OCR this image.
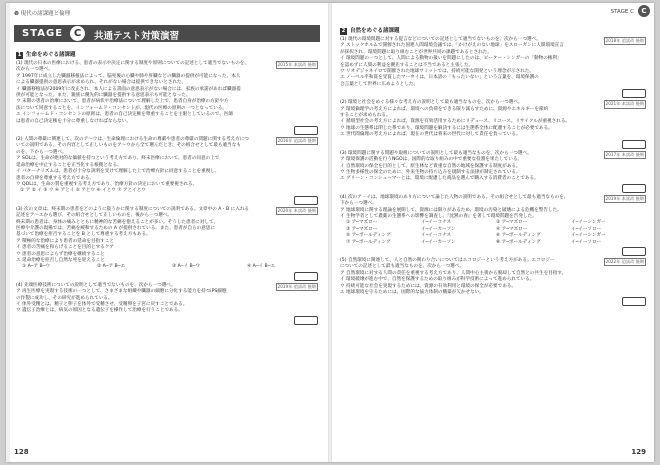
❾ 現代の諸課題と倫理
STAGE	C	共通テスト対策演習
1 生命をめぐる諸課題
2015年 本試改 後期

(1) 現代の日本の医療における、患者の表示や決定に関する制度や原則についての記述として適当でないものを、

次から一つ選べ。

ア 1997年に成立した臓器移植法によって、脳死後の心臓や肺や肝臓などの臓器の提供が可能になった。本人

による臓器提供の意思表示が求められ、それがない場合は提供できないとされた。

イ 臓器移植法が2009年に改正され、本人による書面の意思表示がない場合には、家族の承諾があれば臓器提

供が可能となった。また、親族に優先的に臓器を提供する意思表示も可能となった。

ウ 末期の患者の治療において、患者が病状や治療法について理解した上で、患者自身が治療の方針や方

法について同意することを、インフォームド・コンセントが、現代の医療の原則の一つとなっている。

エ インフォームド・コンセントの原則は、患者の自己決定権を尊重することを主眼としているので、医師

は患者の自己決定権を十分に尊重しなければならない。

2016年 追試改 後期

(2) 人間の尊厳に関連して、次のア〜ウは、生命倫理における生命の尊厳や患者の尊厳の問題に関する考え方につ

いての説明である。その内容として正しいものをア〜ウから全て選んだとき、その組合せとして最も適当なも

のを、下から一つ選べ。

ア SOLは、生命が絶対的な価値を持つという考え方であり、終末医療において、患者の同意の上で

延命治療を中止することを正当化する根拠となる。

イ パターナリズムは、患者が十分な説明を受けて理解した上で治療方針に同意することを重視し、

患者の自律を尊重する考え方である。

ウ QOLは、生命の質を重視する考え方であり、治療方針の決定において重要視される。

① ア ② イ ③ ウ ④ アとイ ⑤ アとウ ⑥ イとウ ⑦ アとイとウ
2020年 本試改 後期

(3) 次の文章は、終末期の患者をどのように扱うかに関する制度についての説明である。文章中の A・B に入れる

記述をア〜エから選び、その組合せとして正しいものを、後から一つ選べ。

終末期の患者は、身体の痛みとともに精神的な苦痛を抱えることが多い。そうした患者に対して、

医療や介護の現場では、苦痛を緩和するための A が提供されている。また、患者が自らの意思に

基づいて治療を拒否することを B として尊重する考え方もある。

ア 積極的な治療により患者の延命を目指すこと

イ 患者の苦痛を和らげることを目的とするケア

ウ 患者の意思によらず治療を継続すること

エ 延命治療を拒否し自然な死を迎えること

① A─ア B─ウ	② A─ア B─エ	③ A─イ B─ウ	④ A─イ B─エ
2019年 追試改 後期

(4) 先端医療技術についての説明として適当でないものを、次から一つ選べ。

ア 再生医療を実現する技術の一つとして、さまざまな組織や臓器の細胞に分化する能力を持つiPS細胞

の作製に成功し、その研究が進められている。

イ 体外受精とは、精子と卵子を体外で受精させ、受精卵を子宮に戻すことである。

ウ 遺伝子治療とは、病気の原因となる遺伝子を操作して治療を行うことである。

128
STAGE C	C
2 自然をめぐる諸課題
2018年 追試改 後期

(1) 現代の環境問題に対する提言などについての記述として適当でないものを、次から一つ選べ。

ア ストックホルムで開催された国連人間環境会議では、「かけがえのない地球」をスローガンに人間環境宣言

が採択され、環境問題に取り組むことが世界共同の課題であるとされた。

イ 環境問題の一つとして、人間による動物の扱いを問題にしたのは、ピーター・シンガーの「動物の権利」

を認めずに人間の利益を優先することは不当であると主張した。

ウ リオデジャネイロで開催された地球サミットでは、持続可能な開発という理念が示された。

エ ノーベル平和賞を受賞したマータイは、日本語の「もったいない」という言葉を、環境保護の

合言葉として世界に広めようとした。

2021年 本試改 後期

(2) 環境と社会をめぐる様々な考え方の説明として最も適当なものを、次から一つ選べ。

ア 環境倫理学の考え方によれば、環境への負荷をできる限り減らすために、資源やエネルギーを節約

することが求められる。

イ 循環型社会の考え方によれば、資源を有効活用するためにリデュース、リユース、リサイクルが重視される。

ウ 地球の生態系は閉じた系であり、環境問題を解決するには生態系全体に配慮することが必要である。

エ 世代間倫理の考え方によれば、現在の世代は将来の世代に対して責任を負っている。

2017年 本試改 後期

(3) 環境問題に関する問題や取組についての説明として最も適当なものを、次から一つ選べ。

ア 環境保護の活動を行うNGOは、国際的な取り組みの中で重要な役割を果たしている。

イ 自然環境の保全を目的として、原生林など貴重な自然の地域を保護する制度がある。

ウ 生物多様性の保全のために、外来生物の持ち込みを規制する法律が制定されている。

エ グリーン・コンシューマーとは、環境に配慮した商品を選んで購入する消費者のことである。

2019年 本試改 後期

(4) 次のア・イは、地球環境のあり方について論じた人物の説明である。その組合せとして最も適当なものを、

下から一つ選べ。

ア 地球環境に関する理論を展開して、資源には限りがあるため、環境の汚染と破壊による危機を警告した。

イ 生物学者として農薬の生態系への影響を調査し、『沈黙の春』を著して環境問題を告発した。

① ア─マズロー	イ─イーコナス	② ア─マズロー	イ─イーシンガー
③ ア─マズロー	イ─イーカーソン	④ ア─マズロー	イ─イーソロー
⑤ ア─ボールディング	イ─イーコナス	⑥ ア─ボールディング	イ─イーシンガー
⑦ ア─ボールディング	イ─イーカーソン	⑧ ア─ボールディング	イ─イーソロー
2022年 追試改 後期

(5) 自然環境に関連して、人と自然の関わり合いについてはエコロジーという考え方がある。エコロジー

についての記述として最も適当なものを、次から一つ選べ。

ア 自然環境に対する人間の責任を重視する考え方であり、人間中心主義から脱却して自然との共生を目指す。

イ 環境破壊が進む中で、自然を保護するための取り組みが科学技術によって進められている。

ウ 持続可能な社会を実現するためには、資源の有効利用と環境の保全が必要である。

エ 地球環境を守るためには、国際的な協力体制の構築が欠かせない。

129
